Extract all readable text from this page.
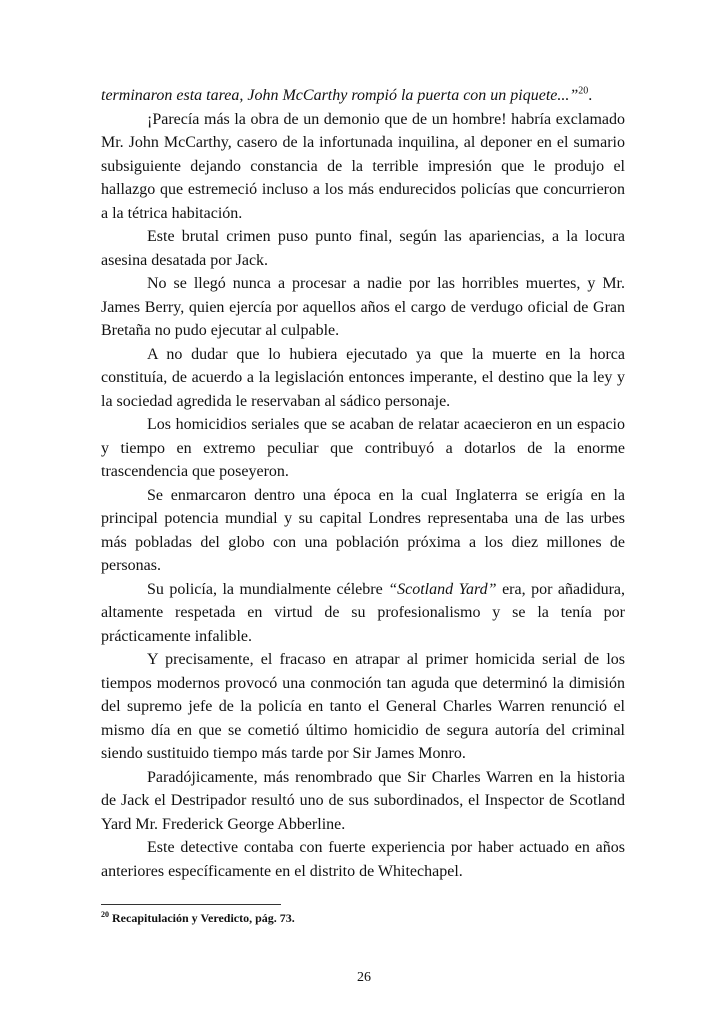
terminaron esta tarea, John McCarthy rompió la puerta con un piquete...”$^{20}$.

¡Parecía más la obra de un demonio que de un hombre! habría exclamado Mr. John McCarthy, casero de la infortunada inquilina, al deponer en el sumario subsiguiente dejando constancia de la terrible impresión que le produjo el hallazgo que estremeció incluso a los más endurecidos policías que concurrieron a la tétrica habitación.

Este brutal crimen puso punto final, según las apariencias, a la locura asesina desatada por Jack.

No se llegó nunca a procesar a nadie por las horribles muertes, y Mr. James Berry, quien ejercía por aquellos años el cargo de verdugo oficial de Gran Bretaña no pudo ejecutar al culpable.

A no dudar que lo hubiera ejecutado ya que la muerte en la horca constituía, de acuerdo a la legislación entonces imperante, el destino que la ley y la sociedad agredida le reservaban al sádico personaje.

Los homicidios seriales que se acaban de relatar acaecieron en un espacio y tiempo en extremo peculiar que contribuyó a dotarlos de la enorme trascendencia que poseyeron.

Se enmarcaron dentro una época en la cual Inglaterra se erigía en la principal potencia mundial y su capital Londres representaba una de las urbes más pobladas del globo con una población próxima a los diez millones de personas.

Su policía, la mundialmente célebre “Scotland Yard” era, por añadidura, altamente respetada en virtud de su profesionalismo y se la tenía por prácticamente infalible.

Y precisamente, el fracaso en atrapar al primer homicida serial de los tiempos modernos provocó una conmoción tan aguda que determinó la dimisión del supremo jefe de la policía en tanto el General Charles Warren renunció el mismo día en que se cometió último homicidio de segura autoría del criminal siendo sustituido tiempo más tarde por Sir James Monro.

Paradójicamente, más renombrado que Sir Charles Warren en la historia de Jack el Destripador resultó uno de sus subordinados, el Inspector de Scotland Yard Mr. Frederick George Abberline.

Este detective contaba con fuerte experiencia por haber actuado en años anteriores específicamente en el distrito de Whitechapel.

$^{20}$ Recapitulación y Veredicto, pág. 73.
26
